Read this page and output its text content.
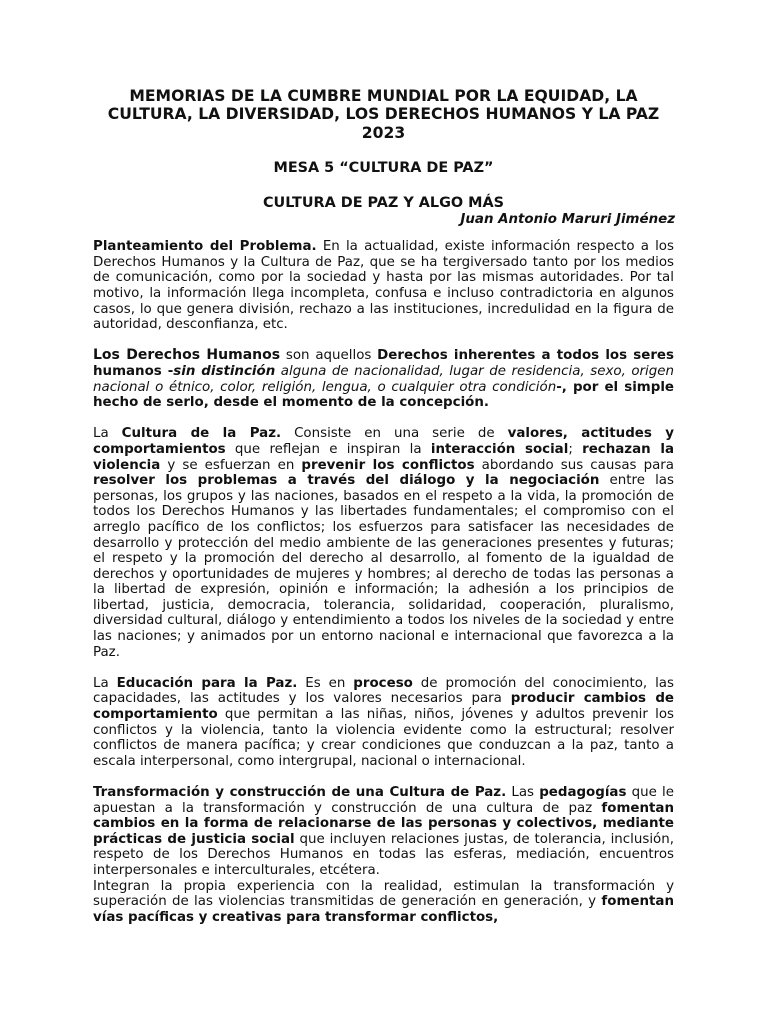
MEMORIAS DE LA CUMBRE MUNDIAL POR LA EQUIDAD, LA CULTURA, LA DIVERSIDAD, LOS DERECHOS HUMANOS Y LA PAZ 2023
MESA 5 “CULTURA DE PAZ”
CULTURA DE PAZ Y ALGO MÁS
Juan Antonio Maruri Jiménez

Planteamiento del Problema. En la actualidad, existe información respecto a los Derechos Humanos y la Cultura de Paz, que se ha tergiversado tanto por los medios de comunicación, como por la sociedad y hasta por las mismas autoridades. Por tal motivo, la información llega incompleta, confusa e incluso contradictoria en algunos casos, lo que genera división, rechazo a las instituciones, incredulidad en la figura de autoridad, desconfianza, etc.

Los Derechos Humanos son aquellos Derechos inherentes a todos los seres humanos -sin distinción alguna de nacionalidad, lugar de residencia, sexo, origen nacional o étnico, color, religión, lengua, o cualquier otra condición-, por el simple hecho de serlo, desde el momento de la concepción.

La Cultura de la Paz. Consiste en una serie de valores, actitudes y comportamientos que reflejan e inspiran la interacción social; rechazan la violencia y se esfuerzan en prevenir los conflictos abordando sus causas para resolver los problemas a través del diálogo y la negociación entre las personas, los grupos y las naciones, basados en el respeto a la vida, la promoción de todos los Derechos Humanos y las libertades fundamentales; el compromiso con el arreglo pacífico de los conflictos; los esfuerzos para satisfacer las necesidades de desarrollo y protección del medio ambiente de las generaciones presentes y futuras; el respeto y la promoción del derecho al desarrollo, al fomento de la igualdad de derechos y oportunidades de mujeres y hombres; al derecho de todas las personas a la libertad de expresión, opinión e información; la adhesión a los principios de libertad, justicia, democracia, tolerancia, solidaridad, cooperación, pluralismo, diversidad cultural, diálogo y entendimiento a todos los niveles de la sociedad y entre las naciones; y animados por un entorno nacional e internacional que favorezca a la Paz.

La Educación para la Paz. Es en proceso de promoción del conocimiento, las capacidades, las actitudes y los valores necesarios para producir cambios de comportamiento que permitan a las niñas, niños, jóvenes y adultos prevenir los conflictos y la violencia, tanto la violencia evidente como la estructural; resolver conflictos de manera pacífica; y crear condiciones que conduzcan a la paz, tanto a escala interpersonal, como intergrupal, nacional o internacional.

Transformación y construcción de una Cultura de Paz. Las pedagogías que le apuestan a la transformación y construcción de una cultura de paz fomentan cambios en la forma de relacionarse de las personas y colectivos, mediante prácticas de justicia social que incluyen relaciones justas, de tolerancia, inclusión, respeto de los Derechos Humanos en todas las esferas, mediación, encuentros interpersonales e interculturales, etcétera.

Integran la propia experiencia con la realidad, estimulan la transformación y superación de las violencias transmitidas de generación en generación, y fomentan vías pacíficas y creativas para transformar conflictos,
